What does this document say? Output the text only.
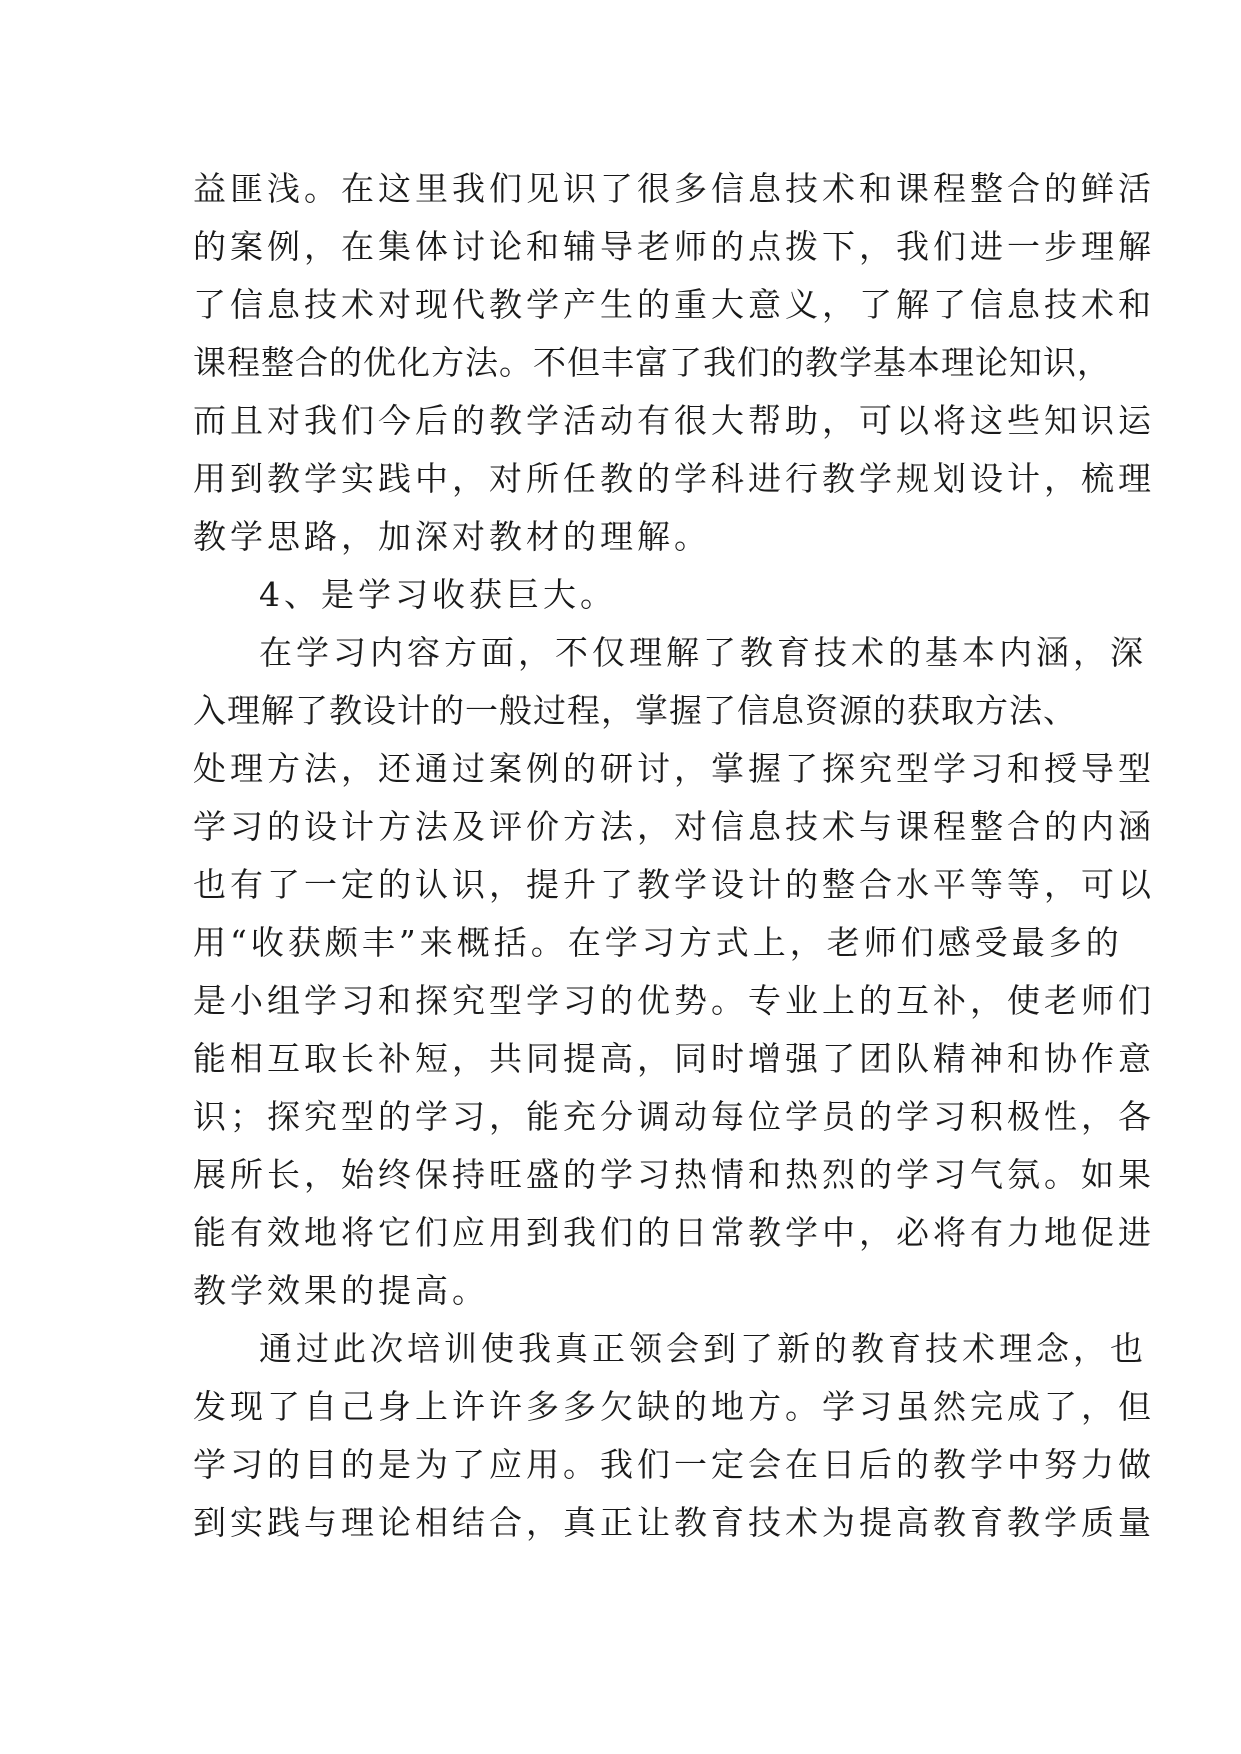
益匪浅。在这里我们见识了很多信息技术和课程整合的鲜活
的案例，在集体讨论和辅导老师的点拨下，我们进一步理解
了信息技术对现代教学产生的重大意义，了解了信息技术和
课程整合的优化方法。不但丰富了我们的教学基本理论知识，
而且对我们今后的教学活动有很大帮助，可以将这些知识运
用到教学实践中，对所任教的学科进行教学规划设计，梳理
教学思路，加深对教材的理解。
4、是学习收获巨大。
在学习内容方面，不仅理解了教育技术的基本内涵，深
入理解了教设计的一般过程，掌握了信息资源的获取方法、
处理方法，还通过案例的研讨，掌握了探究型学习和授导型
学习的设计方法及评价方法，对信息技术与课程整合的内涵
也有了一定的认识，提升了教学设计的整合水平等等，可以
用“收获颇丰”来概括。在学习方式上，老师们感受最多的
是小组学习和探究型学习的优势。专业上的互补，使老师们
能相互取长补短，共同提高，同时增强了团队精神和协作意
识；探究型的学习，能充分调动每位学员的学习积极性，各
展所长，始终保持旺盛的学习热情和热烈的学习气氛。如果
能有效地将它们应用到我们的日常教学中，必将有力地促进
教学效果的提高。
通过此次培训使我真正领会到了新的教育技术理念，也
发现了自己身上许许多多欠缺的地方。学习虽然完成了，但
学习的目的是为了应用。我们一定会在日后的教学中努力做
到实践与理论相结合，真正让教育技术为提高教育教学质量
